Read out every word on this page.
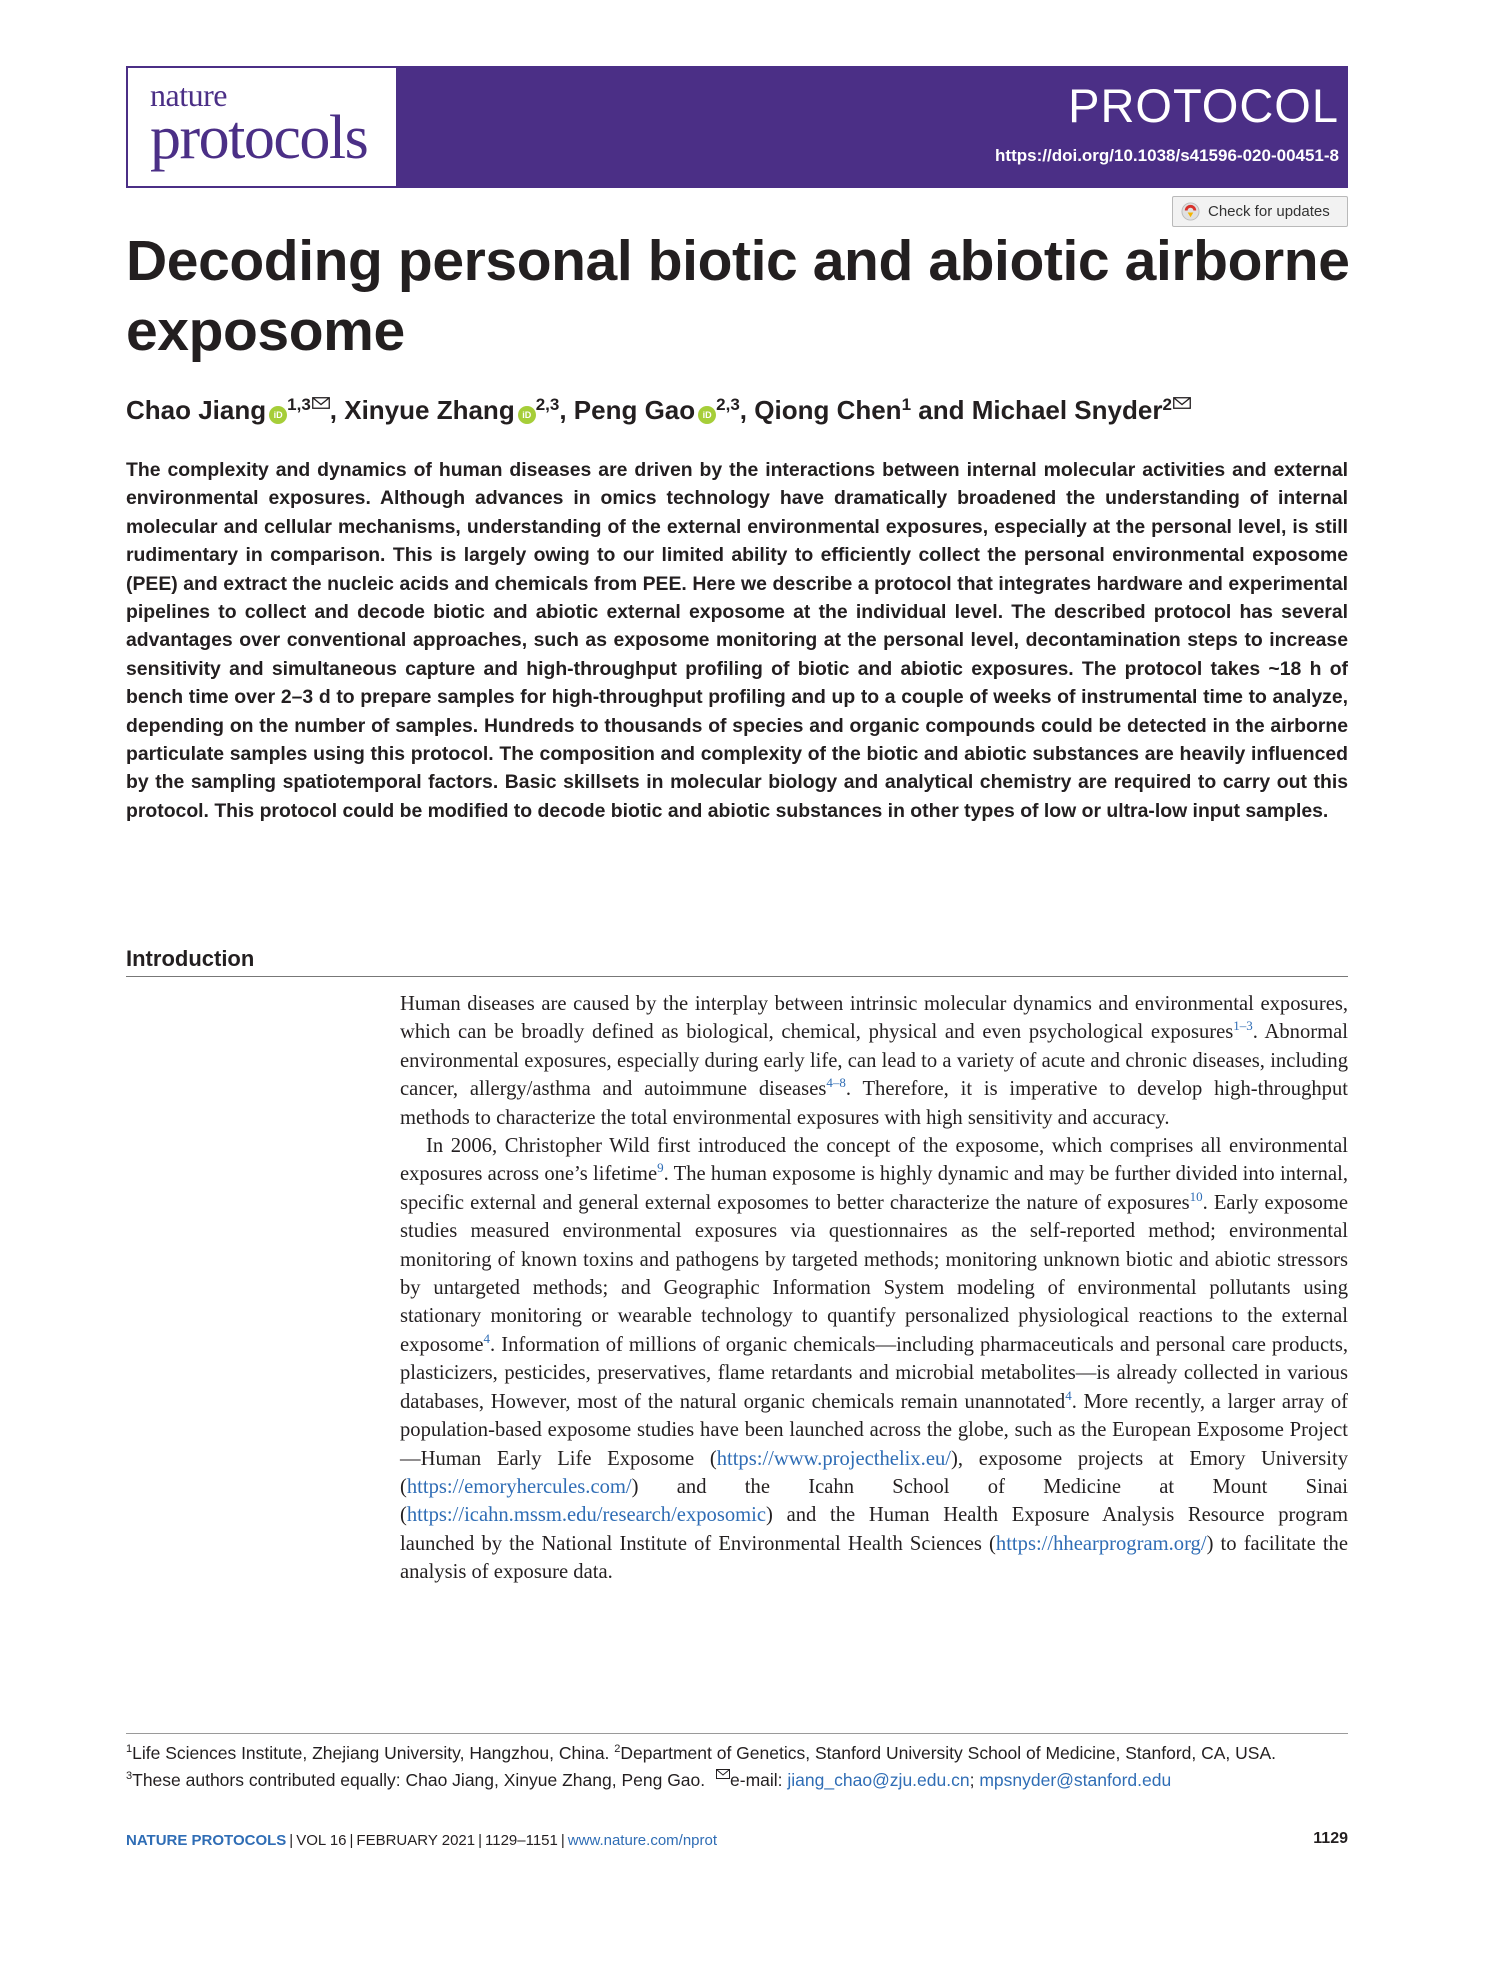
nature
protocols	PROTOCOL
https://doi.org/10.1038/s41596-020-00451-8
Check for updates
Decoding personal biotic and abiotic airborne exposome
Chao Jiang iD$^{1,3}$ , Xinyue Zhang iD$^{2,3}$, Peng Gao iD$^{2,3}$, Qiong Chen$^1$ and Michael Snyder$^2$
The complexity and dynamics of human diseases are driven by the interactions between internal molecular activities and external environmental exposures. Although advances in omics technology have dramatically broadened the understanding of internal molecular and cellular mechanisms, understanding of the external environmental exposures, especially at the personal level, is still rudimentary in comparison. This is largely owing to our limited ability to efficiently collect the personal environmental exposome (PEE) and extract the nucleic acids and chemicals from PEE. Here we describe a protocol that integrates hardware and experimental pipelines to collect and decode biotic and abiotic external exposome at the individual level. The described protocol has several advantages over conventional approaches, such as exposome monitoring at the personal level, decontamination steps to increase sensitivity and simultaneous capture and high-throughput profiling of biotic and abiotic exposures. The protocol takes ~18 h of bench time over 2–3 d to prepare samples for high-throughput profiling and up to a couple of weeks of instrumental time to analyze, depending on the number of samples. Hundreds to thousands of species and organic compounds could be detected in the airborne particulate samples using this protocol. The composition and complexity of the biotic and abiotic substances are heavily influenced by the sampling spatiotemporal factors. Basic skillsets in molecular biology and analytical chemistry are required to carry out this protocol. This protocol could be modified to decode biotic and abiotic substances in other types of low or ultra-low input samples.
Introduction

Human diseases are caused by the interplay between intrinsic molecular dynamics and environmental exposures, which can be broadly defined as biological, chemical, physical and even psychological exposures$^{1-3}$. Abnormal environmental exposures, especially during early life, can lead to a variety of acute and chronic diseases, including cancer, allergy/asthma and autoimmune diseases$^{4-8}$. Therefore, it is imperative to develop high-throughput methods to characterize the total environmental exposures with high sensitivity and accuracy.

In 2006, Christopher Wild first introduced the concept of the exposome, which comprises all environmental exposures across one’s lifetime$^9$. The human exposome is highly dynamic and may be further divided into internal, specific external and general external exposomes to better characterize the nature of exposures$^{10}$. Early exposome studies measured environmental exposures via questionnaires as the self-reported method; environmental monitoring of known toxins and pathogens by targeted methods; monitoring unknown biotic and abiotic stressors by untargeted methods; and Geographic Information System modeling of environmental pollutants using stationary monitoring or wearable technology to quantify personalized physiological reactions to the external exposome$^4$. Information of millions of organic chemicals—including pharmaceuticals and personal care products, plasticizers, pesticides, preservatives, flame retardants and microbial metabolites—is already collected in various databases, However, most of the natural organic chemicals remain unannotated$^4$. More recently, a larger array of population-based exposome studies have been launched across the globe, such as the European Exposome Project—Human Early Life Exposome (https://www.projecthelix.eu/), exposome projects at Emory University (https://emoryhercules.com/) and the Icahn School of Medicine at Mount Sinai (https://icahn.mssm.edu/research/exposomic) and the Human Health Exposure Analysis Resource program launched by the National Institute of Environmental Health Sciences (https://hhearprogram.org/) to facilitate the analysis of exposure data.

$^1$Life Sciences Institute, Zhejiang University, Hangzhou, China. $^2$Department of Genetics, Stanford University School of Medicine, Stanford, CA, USA.
$^3$These authors contributed equally: Chao Jiang, Xinyue Zhang, Peng Gao. e-mail: jiang_chao@zju.edu.cn; mpsnyder@stanford.edu
NATURE PROTOCOLS | VOL 16 | FEBRUARY 2021 | 1129–1151 | www.nature.com/nprot	1129
